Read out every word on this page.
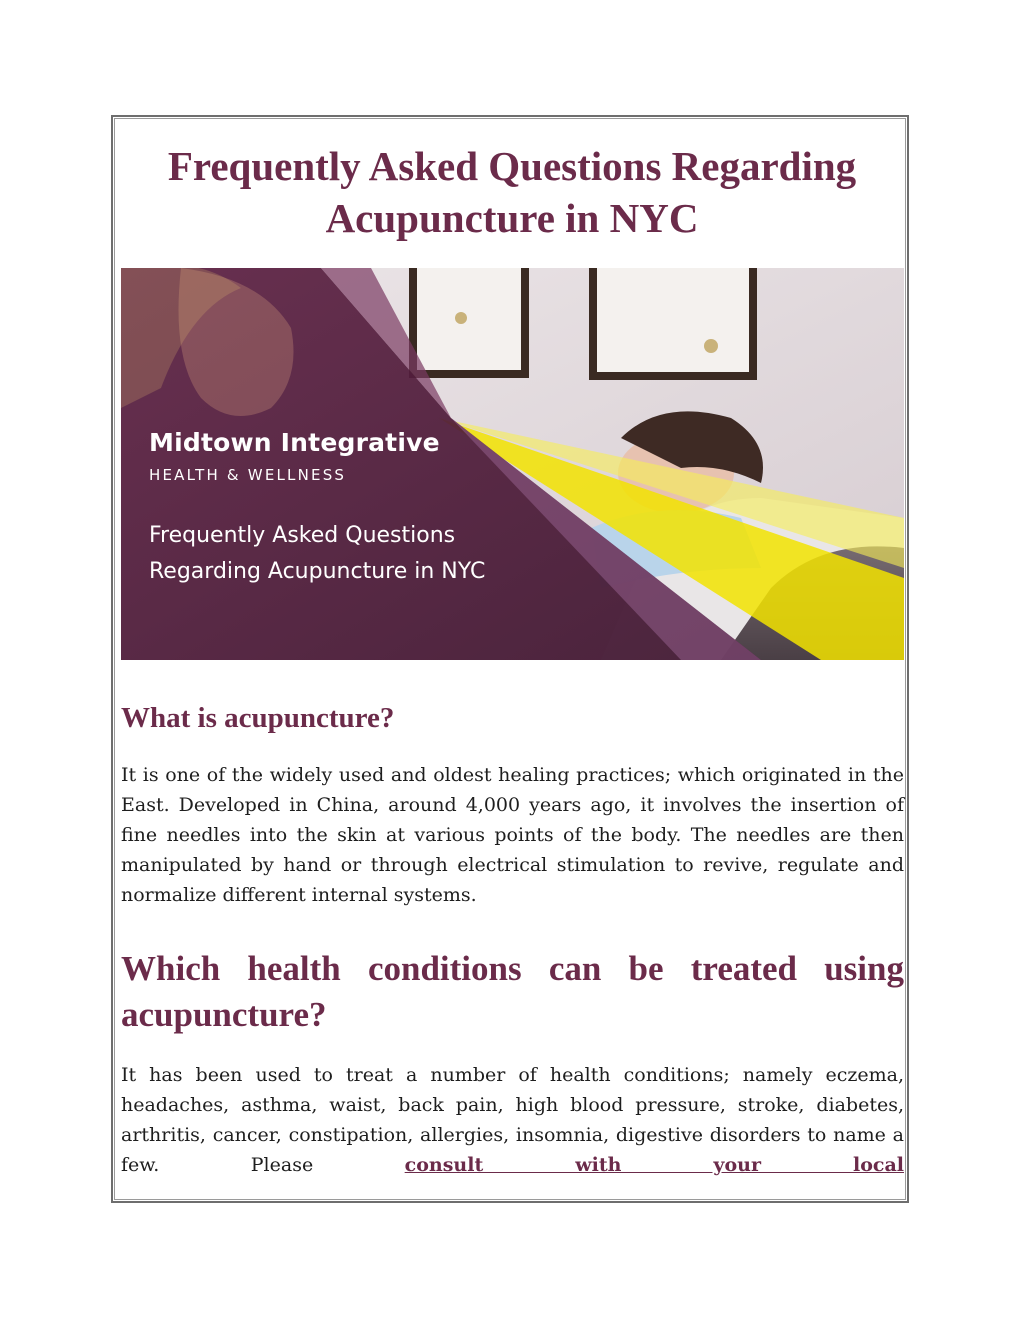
Frequently Asked Questions Regarding
Acupuncture in NYC
Midtown Integrative
HEALTH & WELLNESS
Frequently Asked Questions
Regarding Acupuncture in NYC
What is acupuncture?

It is one of the widely used and oldest healing practices; which originated in the East. Developed in China, around 4,000 years ago, it involves the insertion of fine needles into the skin at various points of the body. The needles are then manipulated by hand or through electrical stimulation to revive, regulate and normalize different internal systems.

Which health conditions can be treated using acupuncture?

It has been used to treat a number of health conditions; namely eczema, headaches, asthma, waist, back pain, high blood pressure, stroke, diabetes, arthritis, cancer, constipation, allergies, insomnia, digestive disorders to name a few. Please	consult with your local
